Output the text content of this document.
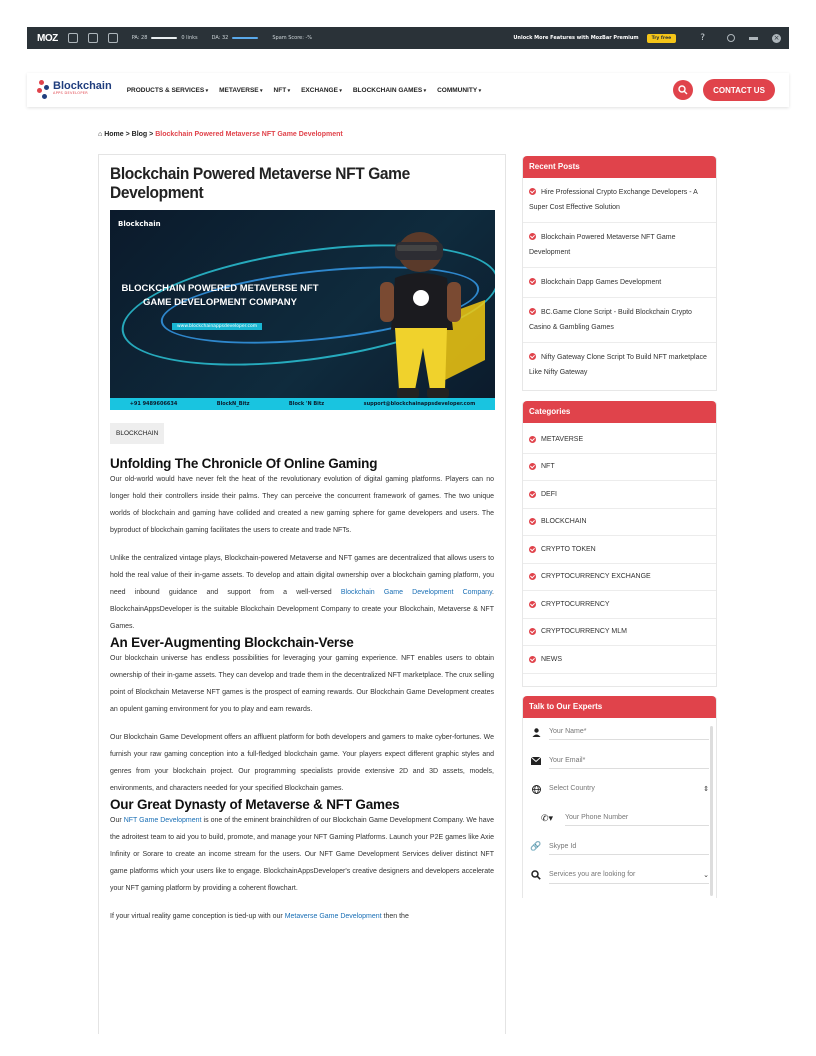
MOZ	PA: 28	0 links	DA: 32	Spam Score: -%	Unlock More Features with MozBar Premium	Try free	?	×
Blockchain
APPS DEVELOPER	PRODUCTS & SERVICES ▾	METAVERSE ▾	NFT ▾	EXCHANGE ▾	BLOCKCHAIN GAMES ▾	COMMUNITY ▾	CONTACT US
⌂ Home > Blog > Blockchain Powered Metaverse NFT Game Development
Blockchain Powered Metaverse NFT Game Development
Blockchain
BLOCKCHAIN POWERED METAVERSE NFT GAME DEVELOPMENT COMPANY
www.blockchainappsdeveloper.com
+91 9489606634	BlockN_Bitz	Block 'N Bitz	support@blockchainappsdeveloper.com
BLOCKCHAIN
Unfolding The Chronicle Of Online Gaming

Our old-world would have never felt the heat of the revolutionary evolution of digital gaming platforms. Players can no longer hold their controllers inside their palms. They can perceive the concurrent framework of games. The two unique worlds of blockchain and gaming have collided and created a new gaming sphere for game developers and users. The byproduct of blockchain gaming facilitates the users to create and trade NFTs.

Unlike the centralized vintage plays, Blockchain-powered Metaverse and NFT games are decentralized that allows users to hold the real value of their in-game assets. To develop and attain digital ownership over a blockchain gaming platform, you need inbound guidance and support from a well-versed Blockchain Game Development Company. BlockchainAppsDeveloper is the suitable Blockchain Development Company to create your Blockchain, Metaverse & NFT Games.

An Ever-Augmenting Blockchain-Verse

Our blockchain universe has endless possibilities for leveraging your gaming experience. NFT enables users to obtain ownership of their in-game assets. They can develop and trade them in the decentralized NFT marketplace. The crux selling point of Blockchain Metaverse NFT games is the prospect of earning rewards. Our Blockchain Game Development creates an opulent gaming environment for you to play and earn rewards.

Our Blockchain Game Development offers an affluent platform for both developers and gamers to make cyber-fortunes. We furnish your raw gaming conception into a full-fledged blockchain game. Your players expect different graphic styles and genres from your blockchain project. Our programming specialists provide extensive 2D and 3D assets, models, environments, and characters needed for your specified Blockchain games.

Our Great Dynasty of Metaverse & NFT Games

Our NFT Game Development is one of the eminent brainchildren of our Blockchain Game Development Company. We have the adroitest team to aid you to build, promote, and manage your NFT Gaming Platforms. Launch your P2E games like Axie Infinity or Sorare to create an income stream for the users. Our NFT Game Development Services deliver distinct NFT game platforms which your users like to engage. BlockchainAppsDeveloper's creative designers and developers accelerate your NFT gaming platform by providing a coherent flowchart.

If your virtual reality game conception is tied-up with our Metaverse Game Development then the

Recent Posts
Hire Professional Crypto Exchange Developers - A Super Cost Effective Solution
Blockchain Powered Metaverse NFT Game Development
Blockchain Dapp Games Development
BC.Game Clone Script - Build Blockchain Crypto Casino & Gambling Games
Nifty Gateway Clone Script To Build NFT marketplace Like Nifty Gateway
Categories
METAVERSE
NFT
DEFI
BLOCKCHAIN
CRYPTO TOKEN
CRYPTOCURRENCY EXCHANGE
CRYPTOCURRENCY
CRYPTOCURRENCY MLM
NEWS
Talk to Our Experts
Your Name*
Your Email*
Select Country	⇕
✆▾	Your Phone Number
🔗 Skype Id
Services you are looking for	⌄
